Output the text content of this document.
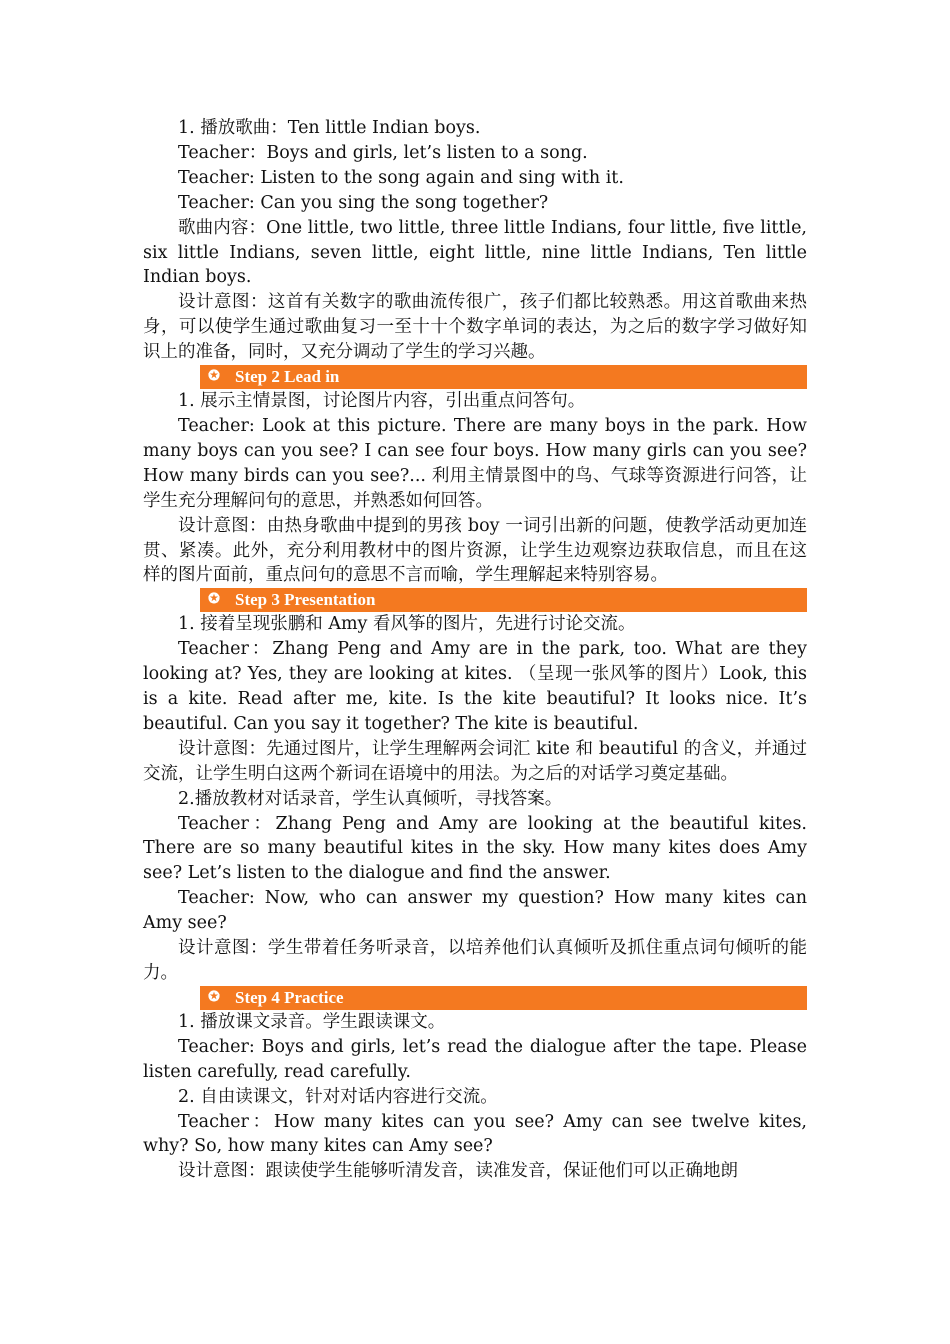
1. 播放歌曲：Ten little Indian boys.

Teacher：Boys and girls, let’s listen to a song.

Teacher: Listen to the song again and sing with it.

Teacher: Can you sing the song together?

歌曲内容：One little, two little, three little Indians, four little, five little, six little Indians, seven little, eight little, nine little Indians, Ten little Indian boys.

设计意图：这首有关数字的歌曲流传很广，孩子们都比较熟悉。用这首歌曲来热身，可以使学生通过歌曲复习一至十十个数字单词的表达，为之后的数字学习做好知识上的准备，同时，又充分调动了学生的学习兴趣。

✪ Step 2 Lead in

1. 展示主情景图，讨论图片内容，引出重点问答句。

Teacher: Look at this picture. There are many boys in the park. How many boys can you see? I can see four boys. How many girls can you see? How many birds can you see?... 利用主情景图中的鸟、气球等资源进行问答，让学生充分理解问句的意思，并熟悉如何回答。

设计意图：由热身歌曲中提到的男孩 boy 一词引出新的问题，使教学活动更加连贯、紧凑。此外，充分利用教材中的图片资源，让学生边观察边获取信息，而且在这样的图片面前，重点问句的意思不言而喻，学生理解起来特别容易。

✪ Step 3 Presentation

1. 接着呈现张鹏和 Amy 看风筝的图片，先进行讨论交流。

Teacher：Zhang Peng and Amy are in the park, too. What are they looking at? Yes, they are looking at kites. （呈现一张风筝的图片）Look, this is a kite. Read after me, kite. Is the kite beautiful? It looks nice. It’s beautiful. Can you say it together? The kite is beautiful.

设计意图：先通过图片，让学生理解两会词汇 kite 和 beautiful 的含义，并通过交流，让学生明白这两个新词在语境中的用法。为之后的对话学习奠定基础。

2.播放教材对话录音，学生认真倾听，寻找答案。

Teacher：Zhang Peng and Amy are looking at the beautiful kites. There are so many beautiful kites in the sky. How many kites does Amy see? Let’s listen to the dialogue and find the answer.

Teacher: Now, who can answer my question? How many kites can Amy see?

设计意图：学生带着任务听录音，以培养他们认真倾听及抓住重点词句倾听的能力。

✪ Step 4 Practice

1. 播放课文录音。学生跟读课文。

Teacher: Boys and girls, let’s read the dialogue after the tape. Please listen carefully, read carefully.

2. 自由读课文，针对对话内容进行交流。

Teacher：How many kites can you see? Amy can see twelve kites, why? So, how many kites can Amy see?

设计意图：跟读使学生能够听清发音，读准发音，保证他们可以正确地朗
